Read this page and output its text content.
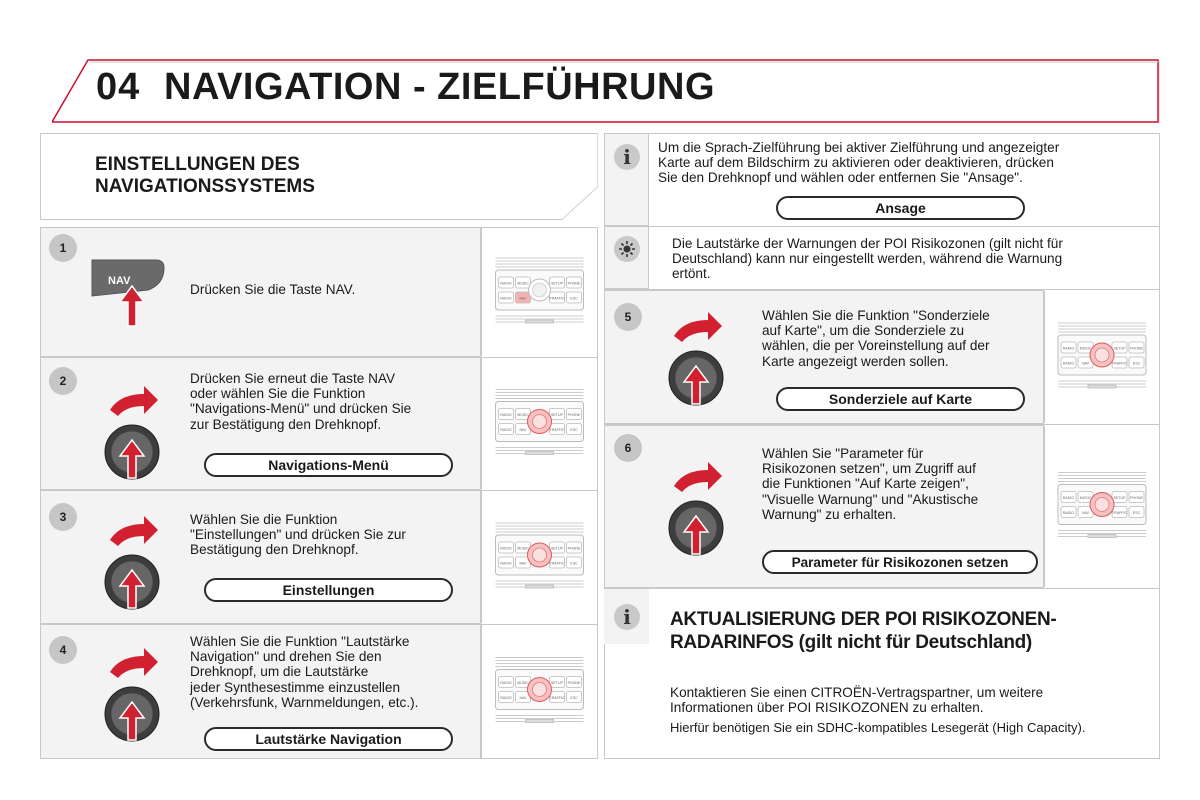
04 NAVIGATION - ZIELFÜHRUNG
EINSTELLUNGEN DES
NAVIGATIONSSYSTEMS
1
NAV
Drücken Sie die Taste NAV.	RADIO MUSIC	SETUP PHONE
RADIO NAV	TRAFFIC ESC
2	Drücken Sie erneut die Taste NAV
oder wählen Sie die Funktion
"Navigations-Menü" und drücken Sie
zur Bestätigung den Drehknopf.
Navigations-Menü
RADIO MUSIC	SETUP PHONE
RADIO NAV	TRAFFIC ESC
3	Wählen Sie die Funktion
"Einstellungen" und drücken Sie zur
Bestätigung den Drehknopf.
Einstellungen
RADIO MUSIC	SETUP PHONE
RADIO NAV	TRAFFIC ESC
4
Wählen Sie die Funktion "Lautstärke
Navigation" und drehen Sie den
Drehknopf, um die Lautstärke
jeder Synthesestimme einzustellen
(Verkehrsfunk, Warnmeldungen, etc.).
Lautstärke Navigation
RADIO MUSIC	SETUP PHONE
RADIO NAV	TRAFFIC ESC
i	Um die Sprach-Zielführung bei aktiver Zielführung und angezeigter
Karte auf dem Bildschirm zu aktivieren oder deaktivieren, drücken
Sie den Drehknopf und wählen oder entfernen Sie "Ansage".
Ansage
Die Lautstärke der Warnungen der POI Risikozonen (gilt nicht für
Deutschland) kann nur eingestellt werden, während die Warnung
ertönt.
5	Wählen Sie die Funktion "Sonderziele
auf Karte", um die Sonderziele zu
wählen, die per Voreinstellung auf der
Karte angezeigt werden sollen.
Sonderziele auf Karte
RADIO MUSIC	SETUP PHONE
RADIO NAV	TRAFFIC ESC
6	Wählen Sie "Parameter für
Risikozonen setzen", um Zugriff auf
die Funktionen "Auf Karte zeigen",
"Visuelle Warnung" und "Akustische
Warnung" zu erhalten.
Parameter für Risikozonen setzen
RADIO MUSIC	SETUP PHONE
RADIO NAV	TRAFFIC ESC
i	AKTUALISIERUNG DER POI RISIKOZONEN-
RADARINFOS (gilt nicht für Deutschland)
Kontaktieren Sie einen CITROËN-Vertragspartner, um weitere
Informationen über POI RISIKOZONEN zu erhalten.
Hierfür benötigen Sie ein SDHC-kompatibles Lesegerät (High Capacity).
